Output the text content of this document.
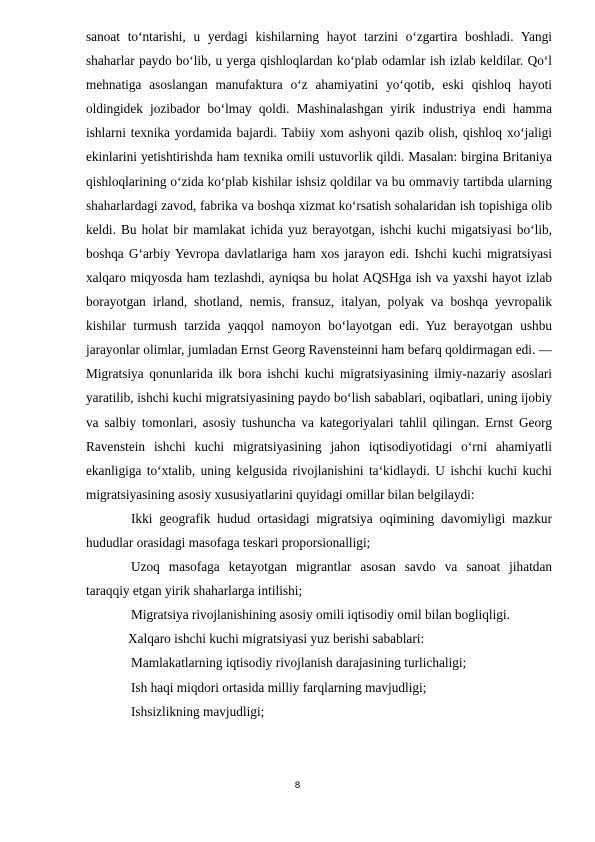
sanoat toʻntarishi, u yerdagi kishilarning hayot tarzini oʻzgartira boshladi. Yangi shaharlar paydo boʻlib, u yerga qishloqlardan koʻplab odamlar ish izlab keldilar. Qoʻl mehnatiga asoslangan manufaktura oʻz ahamiyatini yoʻqotib, eski qishloq hayoti oldingidek jozibador boʻlmay qoldi. Mashinalashgan yirik industriya endi hamma ishlarni texnika yordamida bajardi. Tabiiy xom ashyoni qazib olish, qishloq xoʻjaligi ekinlarini yetishtirishda ham texnika omili ustuvorlik qildi. Masalan: birgina Britaniya qishloqlarining oʻzida koʻplab kishilar ishsiz qoldilar va bu ommaviy tartibda ularning shaharlardagi zavod, fabrika va boshqa xizmat koʻrsatish sohalaridan ish topishiga olib keldi. Bu holat bir mamlakat ichida yuz berayotgan, ishchi kuchi migatsiyasi boʻlib, boshqa Gʻarbiy Yevropa davlatlariga ham xos jarayon edi. Ishchi kuchi migratsiyasi xalqaro miqyosda ham tezlashdi, ayniqsa bu holat AQSHga ish va yaxshi hayot izlab borayotgan irland, shotland, nemis, fransuz, italyan, polyak va boshqa yevropalik kishilar turmush tarzida yaqqol namoyon boʻlayotgan edi. Yuz berayotgan ushbu jarayonlar olimlar, jumladan Ernst Georg Ravensteinni ham befarq qoldirmagan edi. — Migratsiya qonunlarida ilk bora ishchi kuchi migratsiyasining ilmiy-nazariy asoslari yaratilib, ishchi kuchi migratsiyasining paydo boʻlish sabablari, oqibatlari, uning ijobiy va salbiy tomonlari, asosiy tushuncha va kategoriyalari tahlil qilingan. Ernst Georg Ravenstein ishchi kuchi migratsiyasining jahon iqtisodiyotidagi oʻrni ahamiyatli ekanligiga toʻxtalib, uning kelgusida rivojlanishini taʻkidlaydi. U ishchi kuchi kuchi migratsiyasining asosiy xususiyatlarini quyidagi omillar bilan belgilaydi:

Ikki geografik hudud ortasidagi migratsiya oqimining davomiyligi mazkur hududlar orasidagi masofaga teskari proporsionalligi;

Uzoq masofaga ketayotgan migrantlar asosan savdo va sanoat jihatdan taraqqiy etgan yirik shaharlarga intilishi;

Migratsiya rivojlanishining asosiy omili iqtisodiy omil bilan bogliqligi.

Xalqaro ishchi kuchi migratsiyasi yuz berishi sabablari:

Mamlakatlarning iqtisodiy rivojlanish darajasining turlichaligi;

Ish haqi miqdori ortasida milliy farqlarning mavjudligi;

Ishsizlikning mavjudligi;

8
